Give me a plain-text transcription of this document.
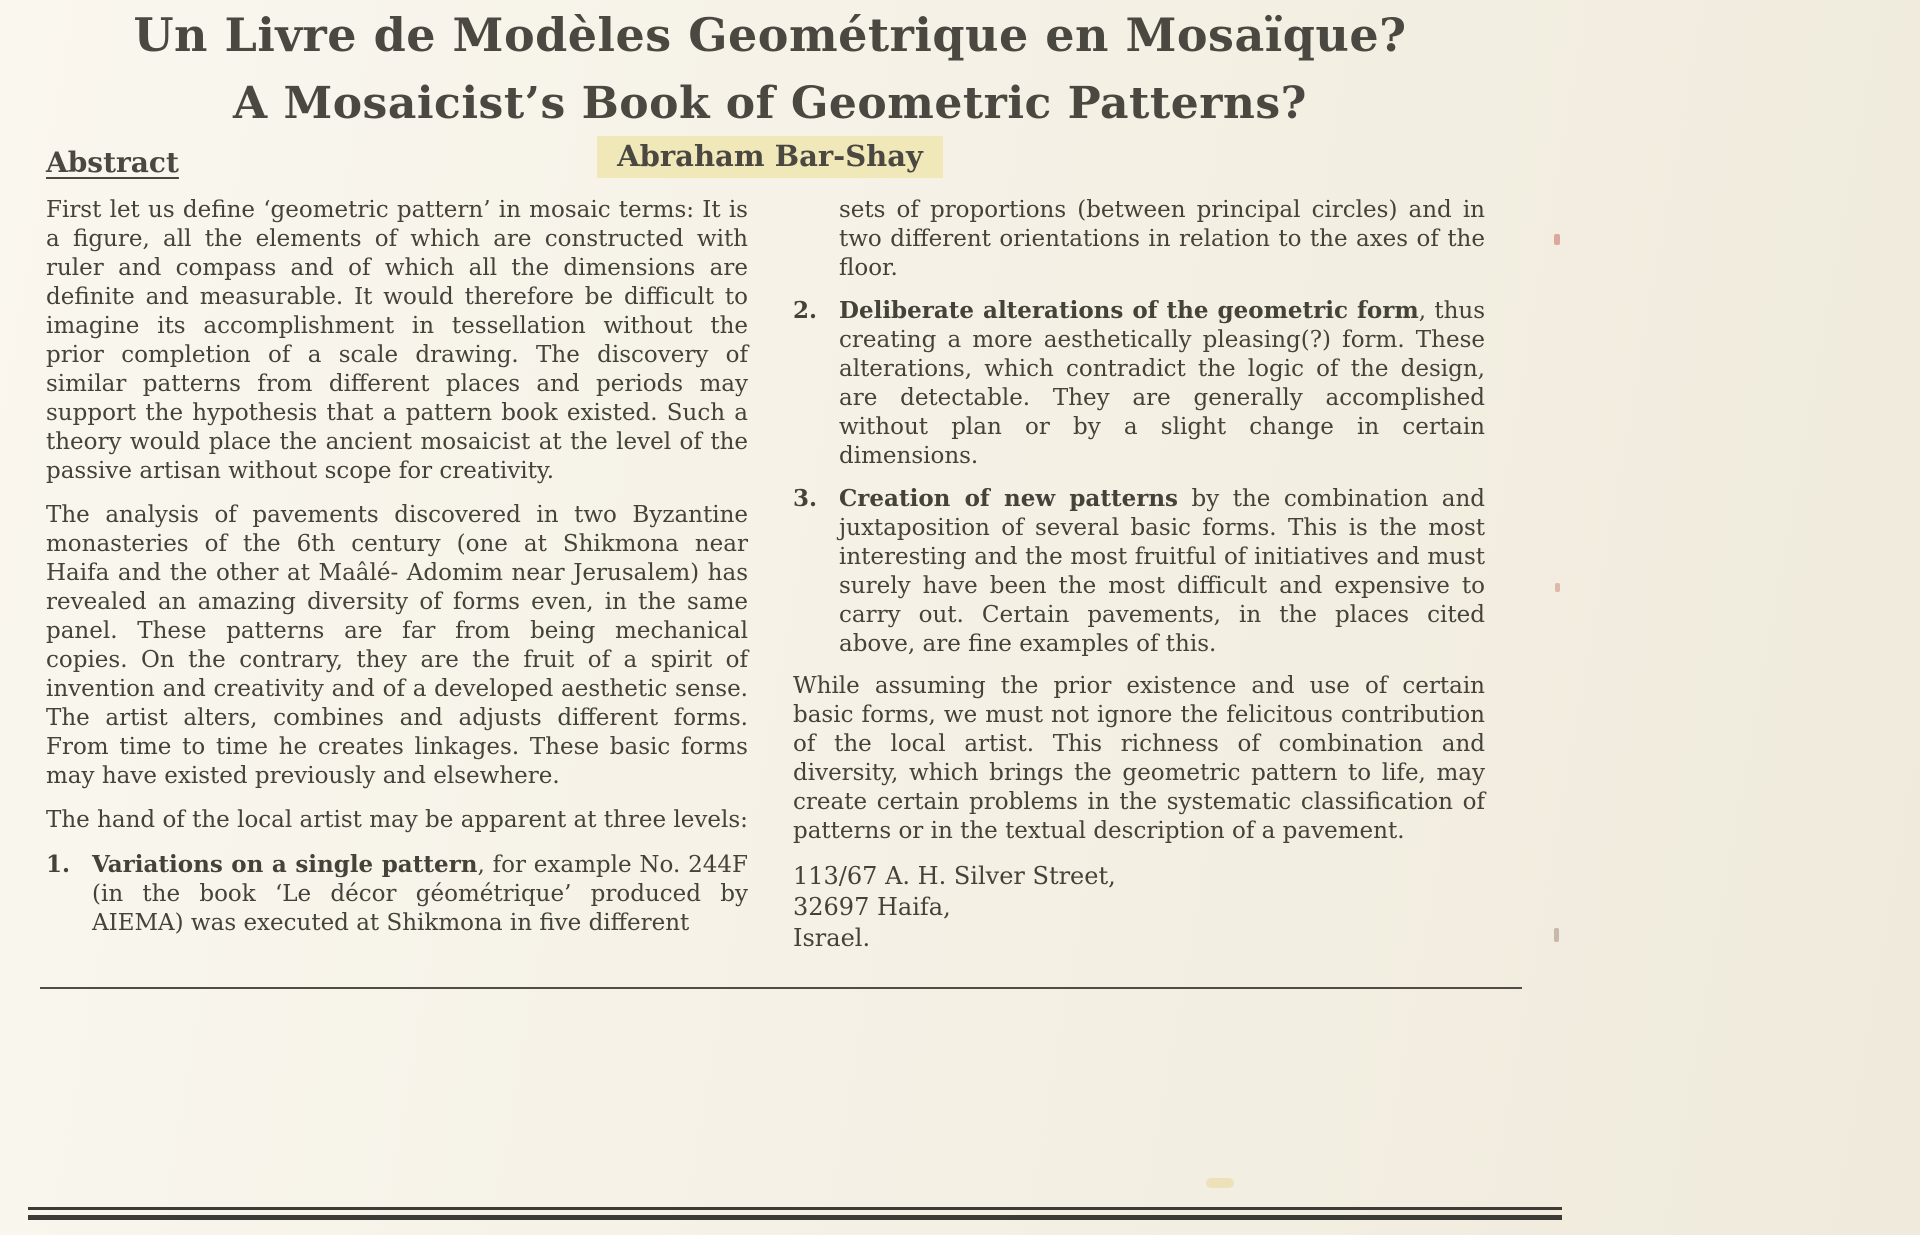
Un Livre de Modèles Geométrique en Mosaïque?
A Mosaicist’s Book of Geometric Patterns?
Abraham Bar-Shay
Abstract

First let us define ‘geometric pattern’ in mosaic terms: It is a figure, all the elements of which are constructed with ruler and compass and of which all the dimensions are definite and measurable. It would therefore be difficult to imagine its accomplishment in tessellation without the prior completion of a scale drawing. The discovery of similar patterns from different places and periods may support the hypothesis that a pattern book existed. Such a theory would place the ancient mosaicist at the level of the passive artisan without scope for creativity.

The analysis of pavements discovered in two Byzantine monasteries of the 6th century (one at Shikmona near Haifa and the other at Maâlé- Adomim near Jerusalem) has revealed an amazing diversity of forms even, in the same panel. These patterns are far from being mechanical copies. On the contrary, they are the fruit of a spirit of invention and creativity and of a developed aesthetic sense. The artist alters, combines and adjusts different forms. From time to time he creates linkages. These basic forms may have existed previously and elsewhere.

The hand of the local artist may be apparent at three levels:

1. Variations on a single pattern, for example No. 244F (in the book ‘Le décor géométrique’ produced by AIEMA) was executed at Shikmona in five different
sets of proportions (between principal circles) and in two different orientations in relation to the axes of the floor.
2. Deliberate alterations of the geometric form, thus creating a more aesthetically pleasing(?) form. These alterations, which contradict the logic of the design, are detectable. They are generally accomplished without plan or by a slight change in certain dimensions.
3. Creation of new patterns by the combination and juxtaposition of several basic forms. This is the most interesting and the most fruitful of initiatives and must surely have been the most difficult and expensive to carry out. Certain pavements, in the places cited above, are fine examples of this.

While assuming the prior existence and use of certain basic forms, we must not ignore the felicitous contribution of the local artist. This richness of combination and diversity, which brings the geometric pattern to life, may create certain problems in the systematic classification of patterns or in the textual description of a pavement.

113/67 A. H. Silver Street,
32697 Haifa,
Israel.
